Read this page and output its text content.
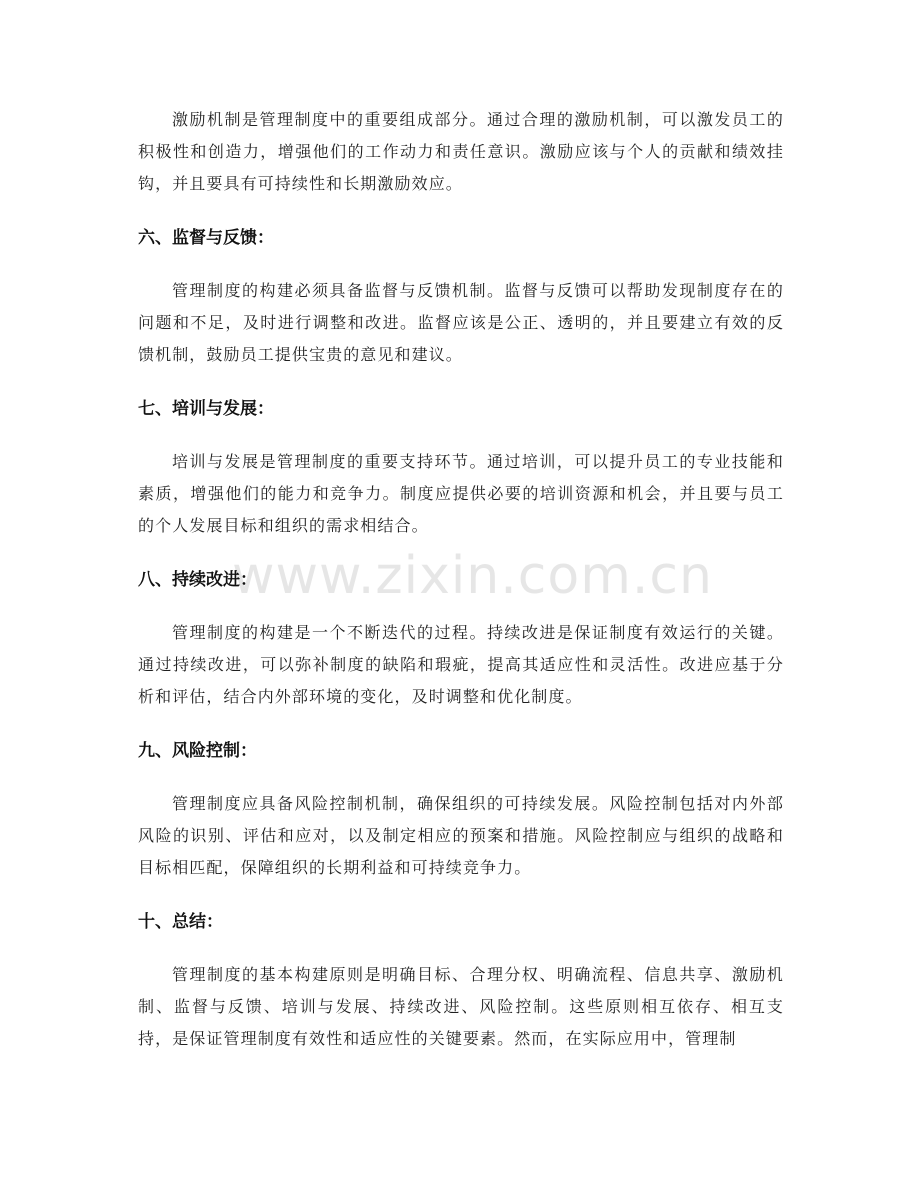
www.zixin.com.cn

激励机制是管理制度中的重要组成部分。通过合理的激励机制，可以激发员工的积极性和创造力，增强他们的工作动力和责任意识。激励应该与个人的贡献和绩效挂钩，并且要具有可持续性和长期激励效应。

六、监督与反馈：

管理制度的构建必须具备监督与反馈机制。监督与反馈可以帮助发现制度存在的问题和不足，及时进行调整和改进。监督应该是公正、透明的，并且要建立有效的反馈机制，鼓励员工提供宝贵的意见和建议。

七、培训与发展：

培训与发展是管理制度的重要支持环节。通过培训，可以提升员工的专业技能和素质，增强他们的能力和竞争力。制度应提供必要的培训资源和机会，并且要与员工的个人发展目标和组织的需求相结合。

八、持续改进：

管理制度的构建是一个不断迭代的过程。持续改进是保证制度有效运行的关键。通过持续改进，可以弥补制度的缺陷和瑕疵，提高其适应性和灵活性。改进应基于分析和评估，结合内外部环境的变化，及时调整和优化制度。

九、风险控制：

管理制度应具备风险控制机制，确保组织的可持续发展。风险控制包括对内外部风险的识别、评估和应对，以及制定相应的预案和措施。风险控制应与组织的战略和目标相匹配，保障组织的长期利益和可持续竞争力。

十、总结：

管理制度的基本构建原则是明确目标、合理分权、明确流程、信息共享、激励机制、监督与反馈、培训与发展、持续改进、风险控制。这些原则相互依存、相互支持，是保证管理制度有效性和适应性的关键要素。然而，在实际应用中，管理制
